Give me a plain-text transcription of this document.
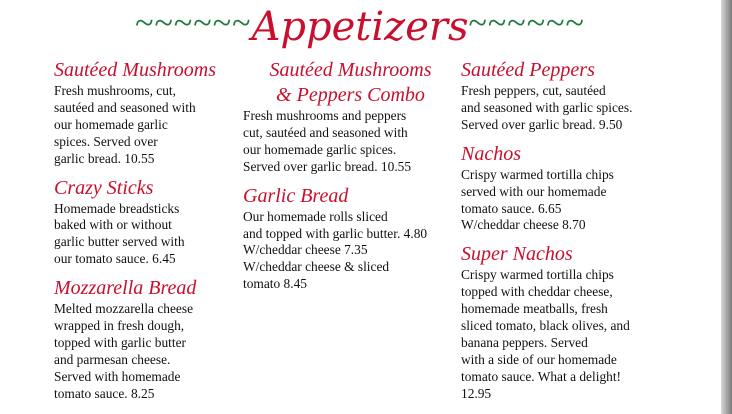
~~~~~~Appetizers~~~~~~
Sautéed Mushrooms
Fresh mushrooms, cut,
sautéed and seasoned with
our homemade garlic
spices. Served over
garlic bread. 10.55
Crazy Sticks
Homemade breadsticks
baked with or without
garlic butter served with
our tomato sauce. 6.45
Mozzarella Bread
Melted mozzarella cheese
wrapped in fresh dough,
topped with garlic butter
and parmesan cheese.
Served with homemade
tomato sauce. 8.25
Sautéed Mushrooms
& Peppers Combo
Fresh mushrooms and peppers
cut, sautéed and seasoned with
our homemade garlic spices.
Served over garlic bread. 10.55
Garlic Bread
Our homemade rolls sliced
and topped with garlic butter. 4.80
W/cheddar cheese 7.35
W/cheddar cheese & sliced
tomato 8.45
Sautéed Peppers
Fresh peppers, cut, sautéed
and seasoned with garlic spices.
Served over garlic bread. 9.50
Nachos
Crispy warmed tortilla chips
served with our homemade
tomato sauce. 6.65
W/cheddar cheese 8.70
Super Nachos
Crispy warmed tortilla chips
topped with cheddar cheese,
homemade meatballs, fresh
sliced tomato, black olives, and
banana peppers. Served
with a side of our homemade
tomato sauce. What a delight!
12.95
